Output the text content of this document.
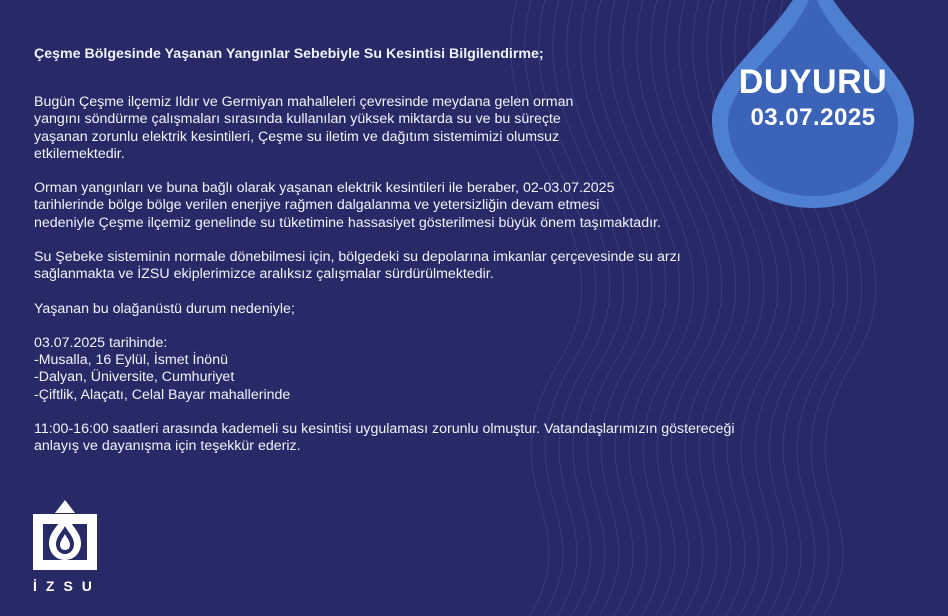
DUYURU
03.07.2025

Çeşme Bölgesinde Yaşanan Yangınlar Sebebiyle Su Kesintisi Bilgilendirme;

Bugün Çeşme ilçemiz Ildır ve Germiyan mahalleleri çevresinde meydana gelen orman
yangını söndürme çalışmaları sırasında kullanılan yüksek miktarda su ve bu süreçte
yaşanan zorunlu elektrik kesintileri, Çeşme su iletim ve dağıtım sistemimizi olumsuz
etkilemektedir.

Orman yangınları ve buna bağlı olarak yaşanan elektrik kesintileri ile beraber, 02-03.07.2025
tarihlerinde bölge bölge verilen enerjiye rağmen dalgalanma ve yetersizliğin devam etmesi
nedeniyle Çeşme ilçemiz genelinde su tüketimine hassasiyet gösterilmesi büyük önem taşımaktadır.

Su Şebeke sisteminin normale dönebilmesi için, bölgedeki su depolarına imkanlar çerçevesinde su arzı
sağlanmakta ve İZSU ekiplerimizce aralıksız çalışmalar sürdürülmektedir.

Yaşanan bu olağanüstü durum nedeniyle;

03.07.2025 tarihinde:
-Musalla, 16 Eylül, İsmet İnönü
-Dalyan, Üniversite, Cumhuriyet
-Çiftlik, Alaçatı, Celal Bayar mahallerinde

11:00-16:00 saatleri arasında kademeli su kesintisi uygulaması zorunlu olmuştur. Vatandaşlarımızın göstereceği
anlayış ve dayanışma için teşekkür ederiz.

İZSU
